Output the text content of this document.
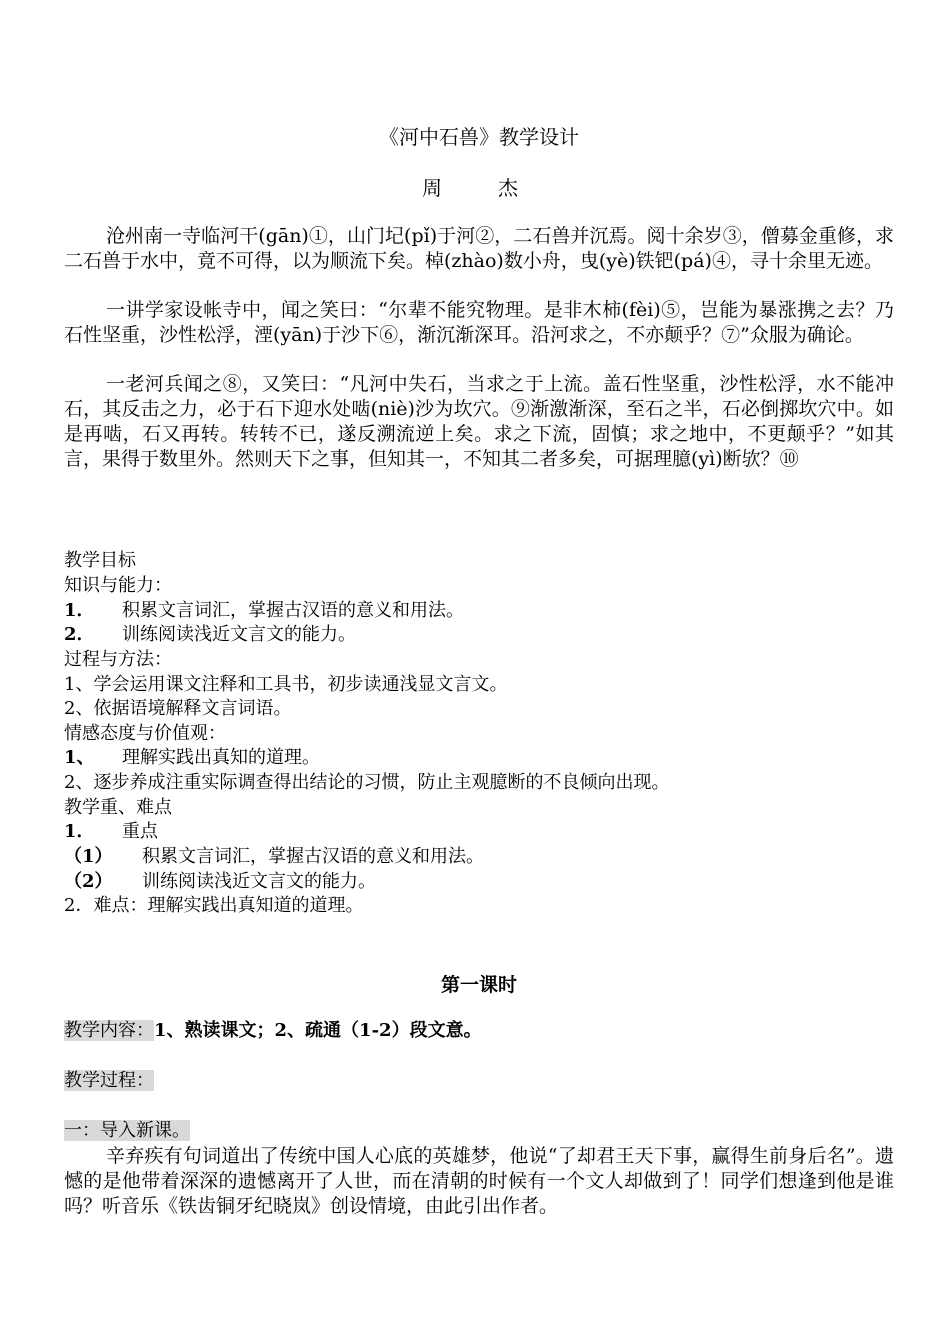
《河中石兽》教学设计
周　杰
沧州南一寺临河干(gān)①，山门圮(pǐ)于河②，二石兽并沉焉。阅十余岁③，僧募金重修，求二石兽于水中，竟不可得，以为顺流下矣。棹(zhào)数小舟，曳(yè)铁钯(pá)④，寻十余里无迹。
一讲学家设帐寺中，闻之笑曰：“尔辈不能究物理。是非木柿(fèi)⑤，岂能为暴涨携之去？乃石性坚重，沙性松浮，湮(yān)于沙下⑥，渐沉渐深耳。沿河求之，不亦颠乎？⑦”众服为确论。
一老河兵闻之⑧，又笑曰：“凡河中失石，当求之于上流。盖石性坚重，沙性松浮，水不能冲石，其反击之力，必于石下迎水处啮(niè)沙为坎穴。⑨渐激渐深，至石之半，石必倒掷坎穴中。如是再啮，石又再转。转转不已，遂反溯流逆上矣。求之下流，固慎；求之地中，不更颠乎？”如其言，果得于数里外。然则天下之事，但知其一，不知其二者多矣，可据理臆(yì)断欤？⑩
教学目标
知识与能力：
1． 积累文言词汇，掌握古汉语的意义和用法。
2． 训练阅读浅近文言文的能力。
过程与方法：
1、学会运用课文注释和工具书，初步读通浅显文言文。
2、依据语境解释文言词语。
情感态度与价值观：
1、 理解实践出真知的道理。
2、逐步养成注重实际调查得出结论的习惯，防止主观臆断的不良倾向出现。
教学重、难点
1． 重点
（1） 积累文言词汇，掌握古汉语的意义和用法。
（2） 训练阅读浅近文言文的能力。
2．难点：理解实践出真知道的道理。
第一课时
教学内容：1、熟读课文；2、疏通（1-2）段文意。
教学过程：
一：导入新课。
辛弃疾有句词道出了传统中国人心底的英雄梦，他说“了却君王天下事，赢得生前身后名”。遗憾的是他带着深深的遗憾离开了人世，而在清朝的时候有一个文人却做到了！同学们想逢到他是谁吗？听音乐《铁齿铜牙纪晓岚》创设情境，由此引出作者。
